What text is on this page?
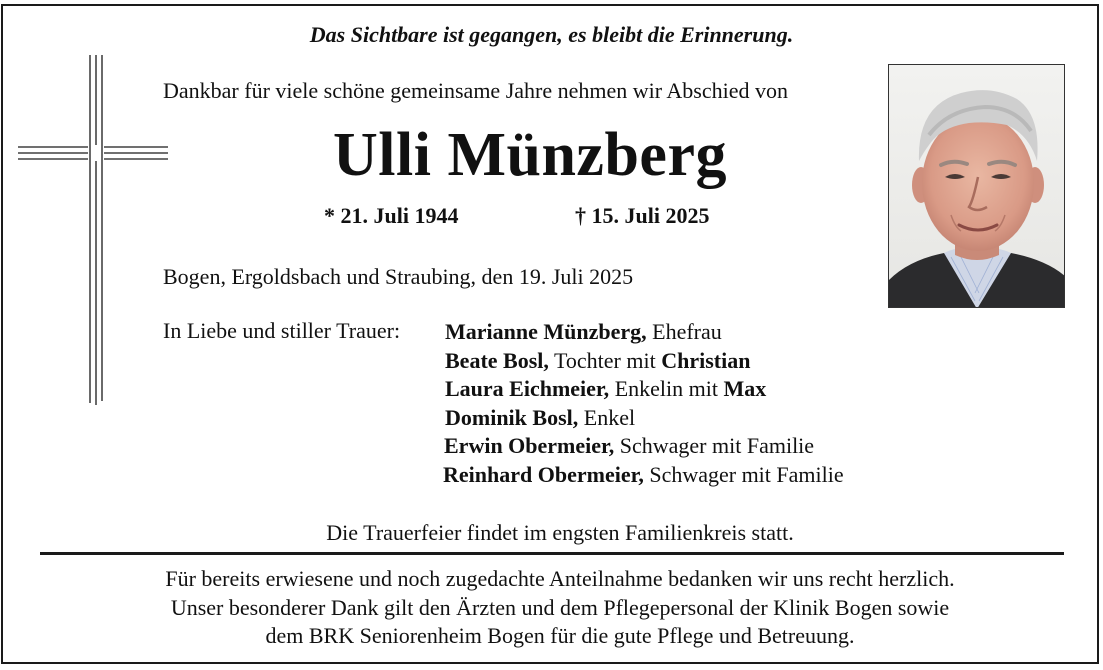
Das Sichtbare ist gegangen, es bleibt die Erinnerung.
Dankbar für viele schöne gemeinsame Jahre nehmen wir Abschied von
Ulli Münzberg
* 21. Juli 1944	† 15. Juli 2025
Bogen, Ergoldsbach und Straubing, den 19. Juli 2025
In Liebe und stiller Trauer: Marianne Münzberg, Ehefrau
Beate Bosl, Tochter mit Christian
Laura Eichmeier, Enkelin mit Max
Dominik Bosl, Enkel
Erwin Obermeier, Schwager mit Familie
Reinhard Obermeier, Schwager mit Familie
Die Trauerfeier findet im engsten Familienkreis statt.
Für bereits erwiesene und noch zugedachte Anteilnahme bedanken wir uns recht herzlich.
Unser besonderer Dank gilt den Ärzten und dem Pflegepersonal der Klinik Bogen sowie
dem BRK Seniorenheim Bogen für die gute Pflege und Betreuung.
